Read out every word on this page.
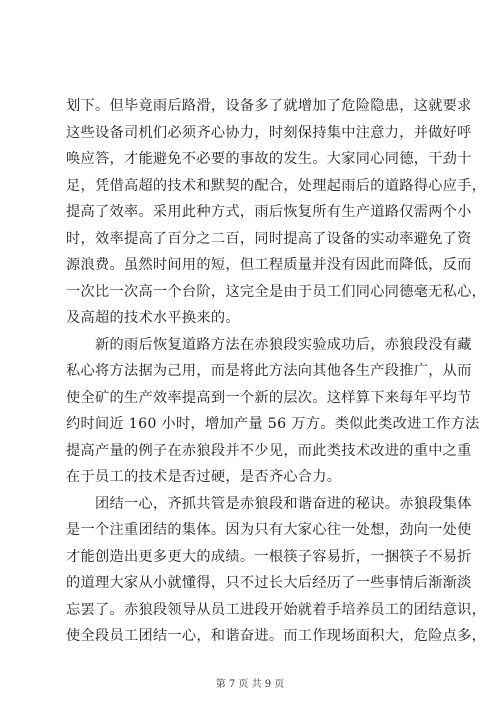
划下。但毕竟雨后路滑，设备多了就增加了危险隐患，这就要求
这些设备司机们必须齐心协力，时刻保持集中注意力，并做好呼
唤应答，才能避免不必要的事故的发生。大家同心同德，干劲十
足，凭借高超的技术和默契的配合，处理起雨后的道路得心应手，
提高了效率。采用此种方式，雨后恢复所有生产道路仅需两个小
时，效率提高了百分之二百，同时提高了设备的实动率避免了资
源浪费。虽然时间用的短，但工程质量并没有因此而降低，反而
一次比一次高一个台阶，这完全是由于员工们同心同德毫无私心，
及高超的技术水平换来的。
新的雨后恢复道路方法在赤狼段实验成功后，赤狼段没有藏
私心将方法据为己用，而是将此方法向其他各生产段推广，从而
使全矿的生产效率提高到一个新的层次。这样算下来每年平均节
约时间近 160 小时，增加产量 56 万方。类似此类改进工作方法
提高产量的例子在赤狼段并不少见，而此类技术改进的重中之重
在于员工的技术是否过硬，是否齐心合力。
团结一心，齐抓共管是赤狼段和谐奋进的秘诀。赤狼段集体
是一个注重团结的集体。因为只有大家心往一处想，劲向一处使
才能创造出更多更大的成绩。一根筷子容易折，一捆筷子不易折
的道理大家从小就懂得，只不过长大后经历了一些事情后渐渐淡
忘罢了。赤狼段领导从员工进段开始就着手培养员工的团结意识，
使全段员工团结一心，和谐奋进。而工作现场面积大，危险点多，
第 7 页 共 9 页
